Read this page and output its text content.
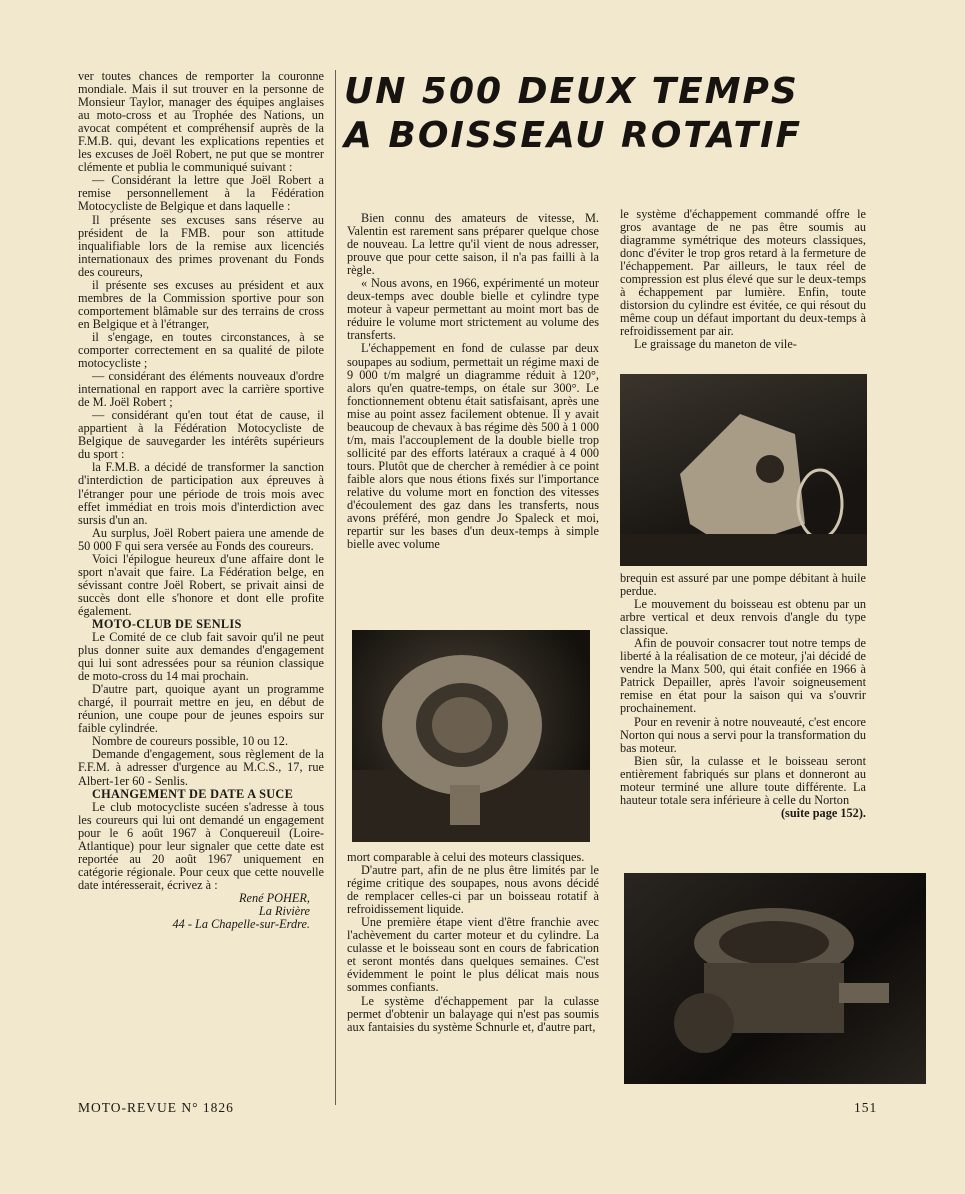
UN 500 DEUX TEMPS
A BOISSEAU ROTATIF

ver toutes chances de remporter la couronne mondiale. Mais il sut trouver en la personne de Monsieur Taylor, manager des équipes anglaises au moto-cross et au Trophée des Nations, un avocat compétent et compréhensif auprès de la F.M.B. qui, devant les explications repenties et les excuses de Joël Robert, ne put que se montrer clémente et publia le communiqué suivant :

— Considérant la lettre que Joël Robert a remise personnellement à la Fédération Motocycliste de Belgique et dans laquelle :

Il présente ses excuses sans réserve au président de la FMB. pour son attitude inqualifiable lors de la remise aux licenciés internationaux des primes provenant du Fonds des coureurs,

il présente ses excuses au président et aux membres de la Commission sportive pour son comportement blâmable sur des terrains de cross en Belgique et à l'étranger,

il s'engage, en toutes circonstances, à se comporter correctement en sa qualité de pilote motocycliste ;

— considérant des éléments nouveaux d'ordre international en rapport avec la carrière sportive de M. Joël Robert ;

— considérant qu'en tout état de cause, il appartient à la Fédération Motocycliste de Belgique de sauvegarder les intérêts supérieurs du sport :

la F.M.B. a décidé de transformer la sanction d'interdiction de participation aux épreuves à l'étranger pour une période de trois mois avec effet immédiat en trois mois d'interdiction avec sursis d'un an.

Au surplus, Joël Robert paiera une amende de 50 000 F qui sera versée au Fonds des coureurs.

Voici l'épilogue heureux d'une affaire dont le sport n'avait que faire. La Fédération belge, en sévissant contre Joël Robert, se privait ainsi de succès dont elle s'honore et dont elle profite également.

MOTO-CLUB DE SENLIS

Le Comité de ce club fait savoir qu'il ne peut plus donner suite aux demandes d'engagement qui lui sont adressées pour sa réunion classique de moto-cross du 14 mai prochain.

D'autre part, quoique ayant un programme chargé, il pourrait mettre en jeu, en début de réunion, une coupe pour de jeunes espoirs sur faible cylindrée.

Nombre de coureurs possible, 10 ou 12.

Demande d'engagement, sous règlement de la F.F.M. à adresser d'urgence au M.C.S., 17, rue Albert-1er 60 - Senlis.

CHANGEMENT DE DATE A SUCE

Le club motocycliste sucéen s'adresse à tous les coureurs qui lui ont demandé un engagement pour le 6 août 1967 à Conquereuil (Loire-Atlantique) pour leur signaler que cette date est reportée au 20 août 1967 uniquement en catégorie régionale. Pour ceux que cette nouvelle date intéresserait, écrivez à :

René POHER,

La Rivière

44 - La Chapelle-sur-Erdre.

Bien connu des amateurs de vitesse, M. Valentin est rarement sans préparer quelque chose de nouveau. La lettre qu'il vient de nous adresser, prouve que pour cette saison, il n'a pas failli à la règle.

« Nous avons, en 1966, expérimenté un moteur deux-temps avec double bielle et cylindre type moteur à vapeur permettant au moint mort bas de réduire le volume mort strictement au volume des transferts.

L'échappement en fond de culasse par deux soupapes au sodium, permettait un régime maxi de 9 000 t/m malgré un diagramme réduit à 120°, alors qu'en quatre-temps, on étale sur 300°. Le fonctionnement obtenu était satisfaisant, après une mise au point assez facilement obtenue. Il y avait beaucoup de chevaux à bas régime dès 500 à 1 000 t/m, mais l'accouplement de la double bielle trop sollicité par des efforts latéraux a craqué à 4 000 tours. Plutôt que de chercher à remédier à ce point faible alors que nous étions fixés sur l'importance relative du volume mort en fonction des vitesses d'écoulement des gaz dans les transferts, nous avons préféré, mon gendre Jo Spaleck et moi, repartir sur les bases d'un deux-temps à simple bielle avec volume

mort comparable à celui des moteurs classiques.

D'autre part, afin de ne plus être limités par le régime critique des soupapes, nous avons décidé de remplacer celles-ci par un boisseau rotatif à refroidissement liquide.

Une première étape vient d'être franchie avec l'achèvement du carter moteur et du cylindre. La culasse et le boisseau sont en cours de fabrication et seront montés dans quelques semaines. C'est évidemment le point le plus délicat mais nous sommes confiants.

Le système d'échappement par la culasse permet d'obtenir un balayage qui n'est pas soumis aux fantaisies du système Schnurle et, d'autre part,

le système d'échappement commandé offre le gros avantage de ne pas être soumis au diagramme symétrique des moteurs classiques, donc d'éviter le trop gros retard à la fermeture de l'échappement. Par ailleurs, le taux réel de compression est plus élevé que sur le deux-temps à échappement par lumière. Enfin, toute distorsion du cylindre est évitée, ce qui résout du même coup un défaut important du deux-temps à refroidissement par air.

Le graissage du maneton de vile-

brequin est assuré par une pompe débitant à huile perdue.

Le mouvement du boisseau est obtenu par un arbre vertical et deux renvois d'angle du type classique.

Afin de pouvoir consacrer tout notre temps de liberté à la réalisation de ce moteur, j'ai décidé de vendre la Manx 500, qui était confiée en 1966 à Patrick Depailler, après l'avoir soigneusement remise en état pour la saison qui va s'ouvrir prochainement.

Pour en revenir à notre nouveauté, c'est encore Norton qui nous a servi pour la transformation du bas moteur.

Bien sûr, la culasse et le boisseau seront entièrement fabriqués sur plans et donneront au moteur terminé une allure toute différente. La hauteur totale sera inférieure à celle du Norton

(suite page 152).

MOTO-REVUE N° 1826	151
